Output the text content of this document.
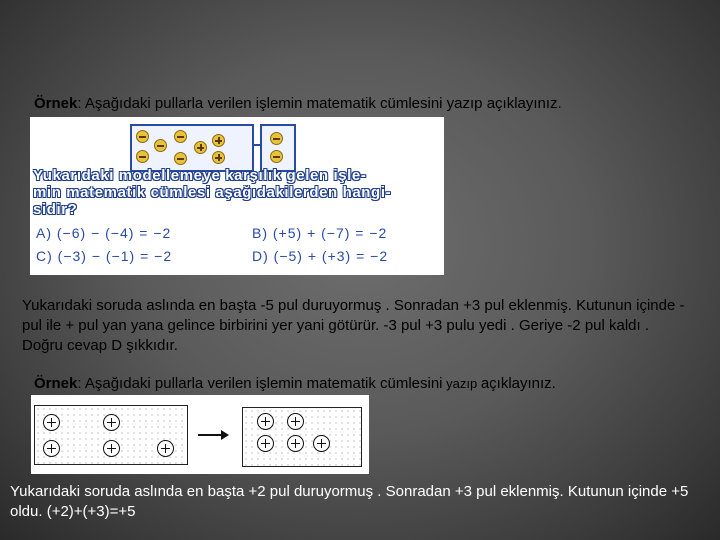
Örnek: Aşağıdaki pullarla verilen işlemin matematik cümlesini yazıp açıklayınız.
Yukarıdaki modellemeye karşılık gelen işle-
min matematik cümlesi aşağıdakilerden hangi-
sidir?
A) (−6) − (−4) = −2	B) (+5) + (−7) = −2
C) (−3) − (−1) = −2	D) (−5) + (+3) = −2
Yukarıdaki soruda aslında en başta -5 pul duruyormuş . Sonradan +3 pul eklenmiş. Kutunun içinde - pul ile + pul yan yana gelince birbirini yer yani götürür. -3 pul +3 pulu yedi . Geriye -2 pul kaldı . Doğru cevap D şıkkıdır.
Örnek: Aşağıdaki pullarla verilen işlemin matematik cümlesini yazıp açıklayınız.
Yukarıdaki soruda aslında en başta +2 pul duruyormuş . Sonradan +3 pul eklenmiş. Kutunun içinde +5 oldu. (+2)+(+3)=+5
